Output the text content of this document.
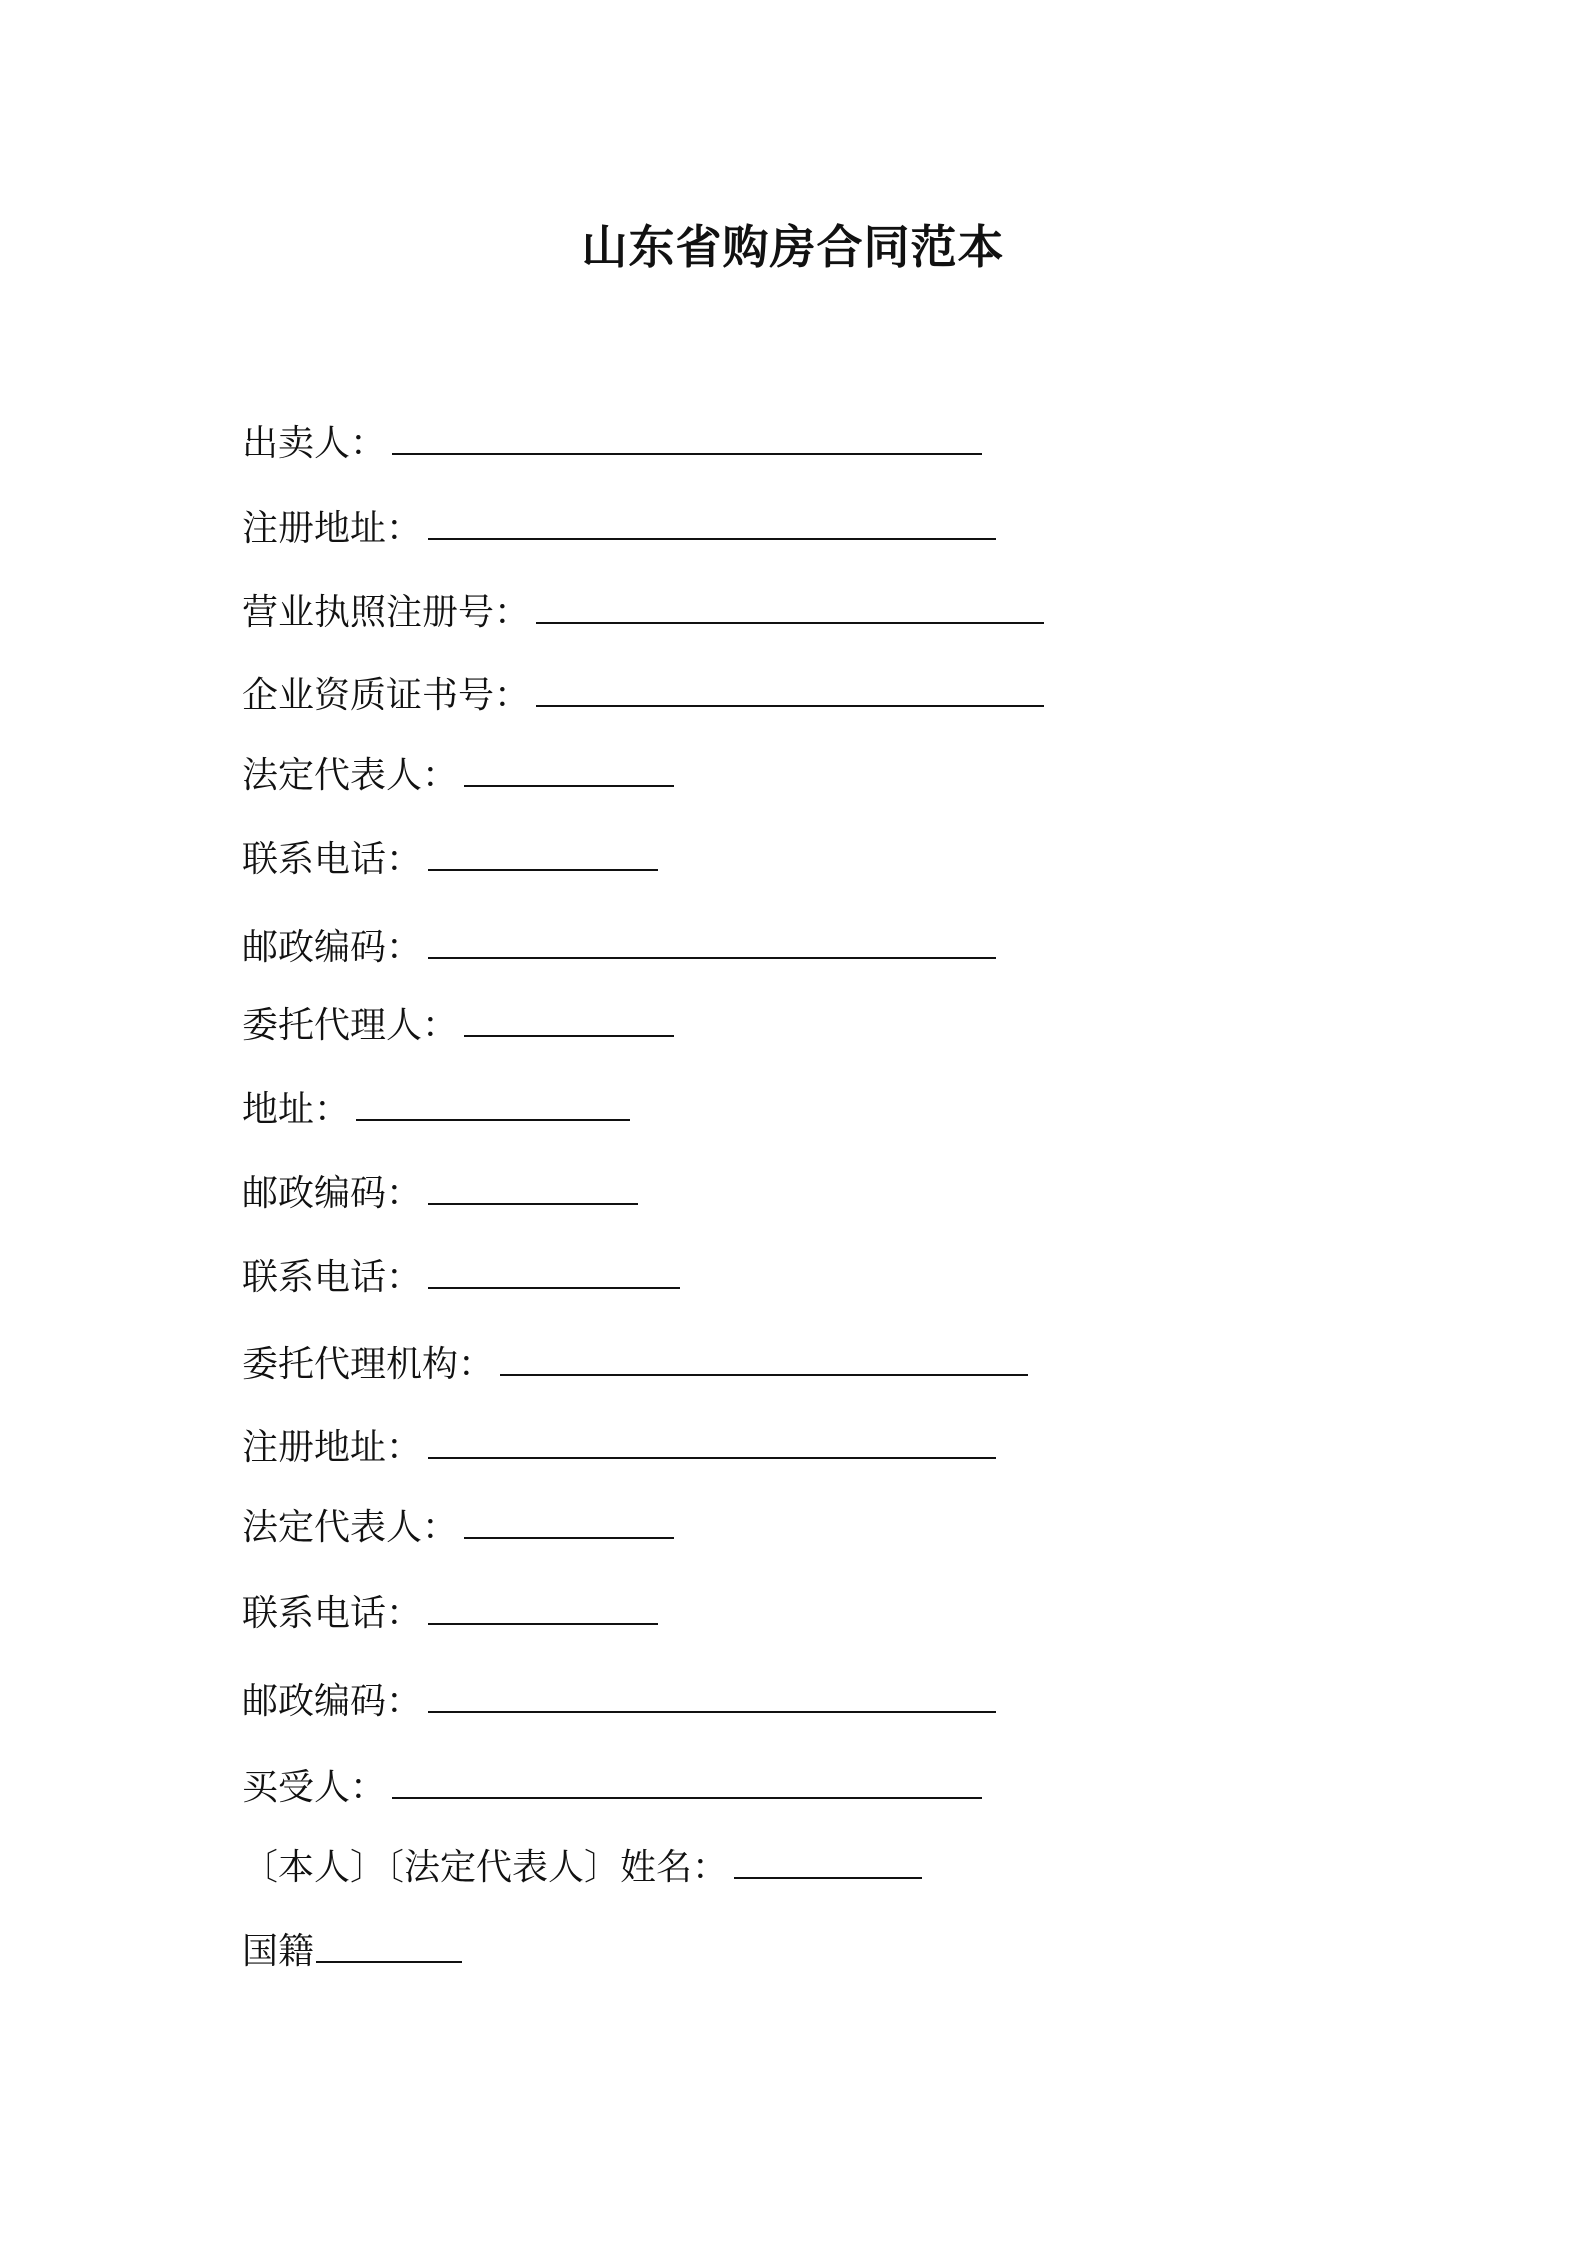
山东省购房合同范本
出卖人：
注册地址：
营业执照注册号：
企业资质证书号：
法定代表人：
联系电话：
邮政编码：
委托代理人：
地址：
邮政编码：
联系电话：
委托代理机构：
注册地址：
法定代表人：
联系电话：
邮政编码：
买受人：
〔本人〕〔法定代表人〕姓名：
国籍
